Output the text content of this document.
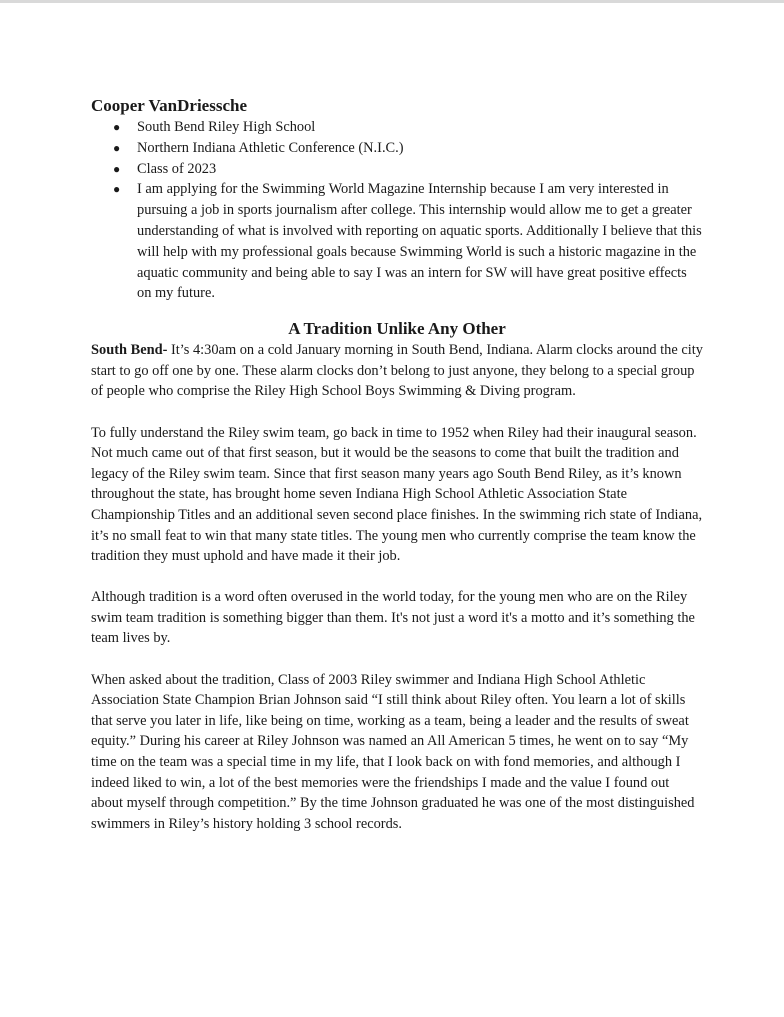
Cooper VanDriessche
● South Bend Riley High School
● Northern Indiana Athletic Conference (N.I.C.)
● Class of 2023
● I am applying for the Swimming World Magazine Internship because I am very interested in pursuing a job in sports journalism after college. This internship would allow me to get a greater understanding of what is involved with reporting on aquatic sports. Additionally I believe that this will help with my professional goals because Swimming World is such a historic magazine in the aquatic community and being able to say I was an intern for SW will have great positive effects on my future.
A Tradition Unlike Any Other

South Bend- It’s 4:30am on a cold January morning in South Bend, Indiana. Alarm clocks around the city start to go off one by one. These alarm clocks don’t belong to just anyone, they belong to a special group of people who comprise the Riley High School Boys Swimming & Diving program.

To fully understand the Riley swim team, go back in time to 1952 when Riley had their inaugural season. Not much came out of that first season, but it would be the seasons to come that built the tradition and legacy of the Riley swim team. Since that first season many years ago South Bend Riley, as it’s known throughout the state, has brought home seven Indiana High School Athletic Association State Championship Titles and an additional seven second place finishes. In the swimming rich state of Indiana, it’s no small feat to win that many state titles. The young men who currently comprise the team know the tradition they must uphold and have made it their job.

Although tradition is a word often overused in the world today, for the young men who are on the Riley swim team tradition is something bigger than them. It's not just a word it's a motto and it’s something the team lives by.

When asked about the tradition, Class of 2003 Riley swimmer and Indiana High School Athletic Association State Champion Brian Johnson said “I still think about Riley often. You learn a lot of skills that serve you later in life, like being on time, working as a team, being a leader and the results of sweat equity.” During his career at Riley Johnson was named an All American 5 times, he went on to say “My time on the team was a special time in my life, that I look back on with fond memories, and although I indeed liked to win, a lot of the best memories were the friendships I made and the value I found out about myself through competition.” By the time Johnson graduated he was one of the most distinguished swimmers in Riley’s history holding 3 school records.
